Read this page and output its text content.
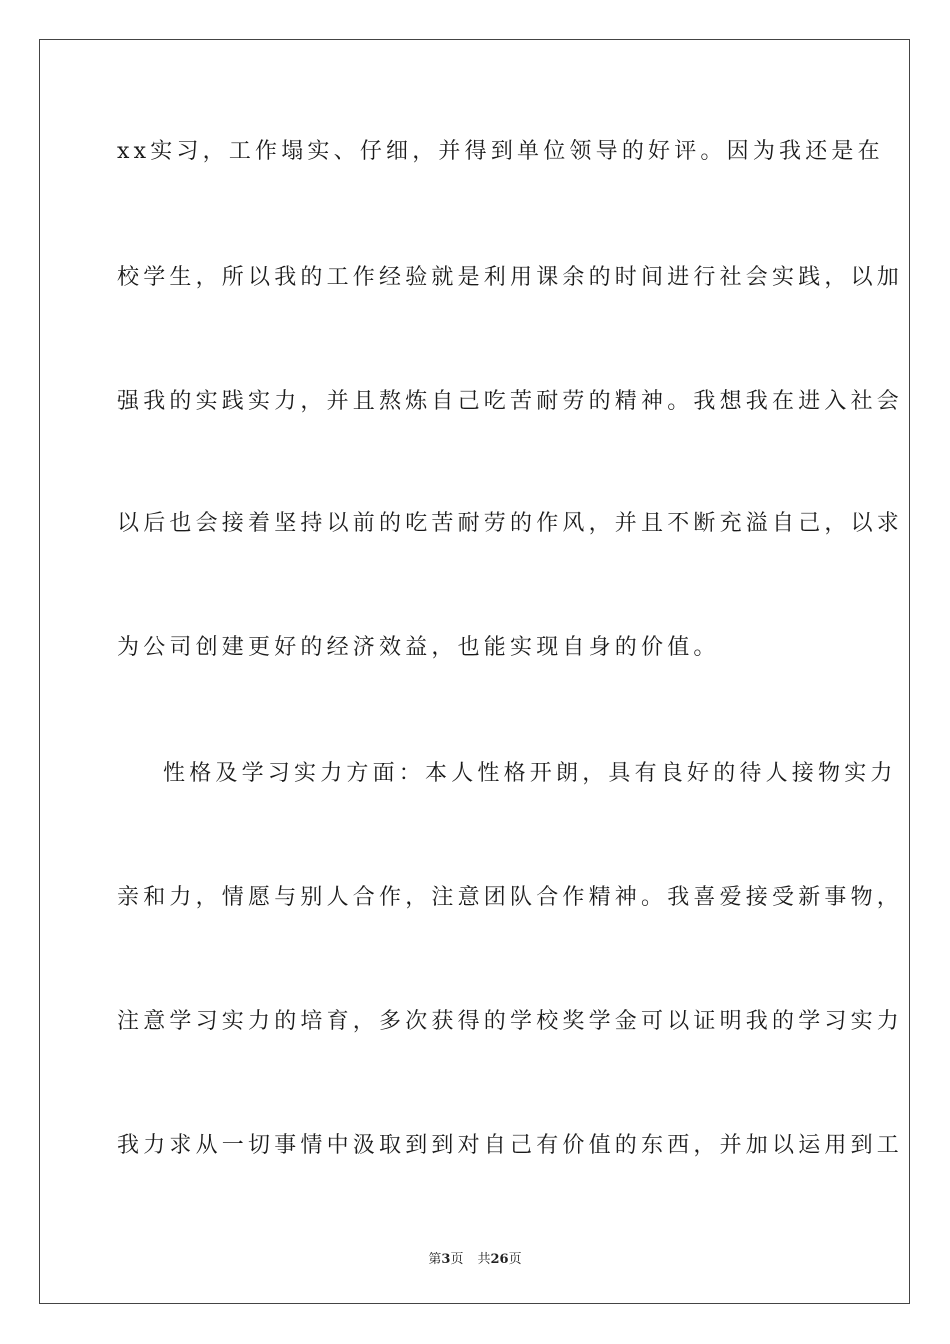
xx实习，工作塌实、仔细，并得到单位领导的好评。因为我还是在

校学生，所以我的工作经验就是利用课余的时间进行社会实践，以加

强我的实践实力，并且熬炼自己吃苦耐劳的精神。我想我在进入社会

以后也会接着坚持以前的吃苦耐劳的作风，并且不断充溢自己，以求

为公司创建更好的经济效益，也能实现自身的价值。

性格及学习实力方面：本人性格开朗，具有良好的待人接物实力

亲和力，情愿与别人合作，注意团队合作精神。我喜爱接受新事物，

注意学习实力的培育，多次获得的学校奖学金可以证明我的学习实力

我力求从一切事情中汲取到到对自己有价值的东西，并加以运用到工

第3页 共26页
